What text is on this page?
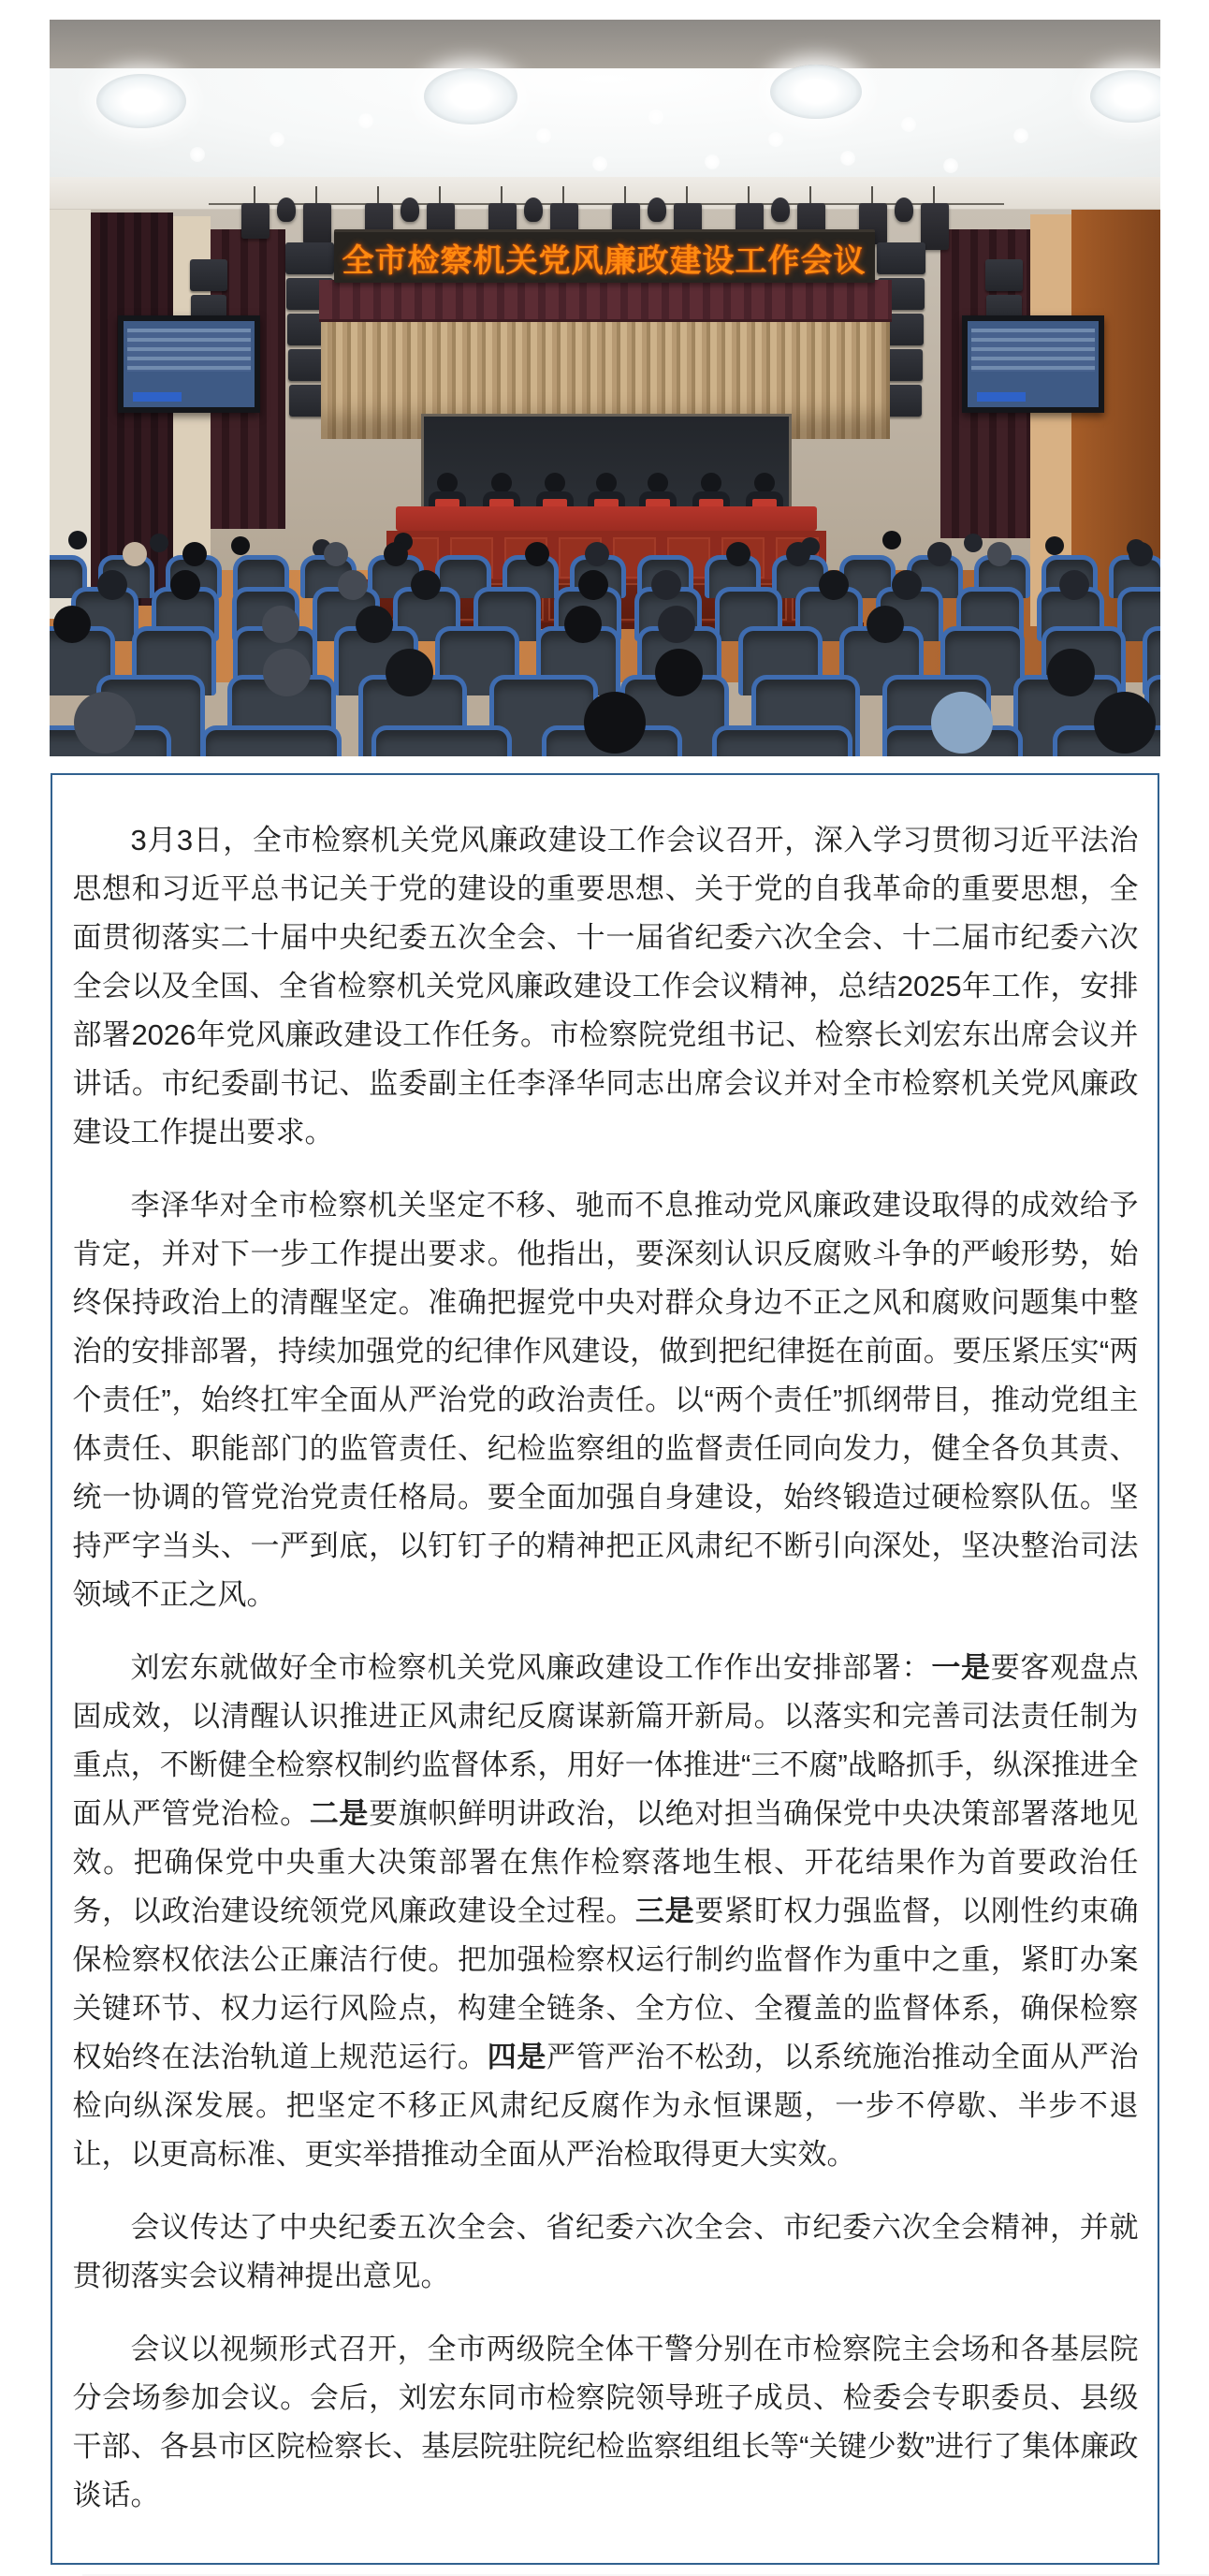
全市检察机关党风廉政建设工作会议

3月3日，全市检察机关党风廉政建设工作会议召开，深入学习贯彻习近平法治思想和习近平总书记关于党的建设的重要思想、关于党的自我革命的重要思想，全面贯彻落实二十届中央纪委五次全会、十一届省纪委六次全会、十二届市纪委六次全会以及全国、全省检察机关党风廉政建设工作会议精神，总结2025年工作，安排部署2026年党风廉政建设工作任务。市检察院党组书记、检察长刘宏东出席会议并讲话。市纪委副书记、监委副主任李泽华同志出席会议并对全市检察机关党风廉政建设工作提出要求。

李泽华对全市检察机关坚定不移、驰而不息推动党风廉政建设取得的成效给予肯定，并对下一步工作提出要求。他指出，要深刻认识反腐败斗争的严峻形势，始终保持政治上的清醒坚定。准确把握党中央对群众身边不正之风和腐败问题集中整治的安排部署，持续加强党的纪律作风建设，做到把纪律挺在前面。要压紧压实“两个责任”，始终扛牢全面从严治党的政治责任。以“两个责任”抓纲带目，推动党组主体责任、职能部门的监管责任、纪检监察组的监督责任同向发力，健全各负其责、统一协调的管党治党责任格局。要全面加强自身建设，始终锻造过硬检察队伍。坚持严字当头、一严到底，以钉钉子的精神把正风肃纪不断引向深处，坚决整治司法领域不正之风。

刘宏东就做好全市检察机关党风廉政建设工作作出安排部署：一是要客观盘点固成效，以清醒认识推进正风肃纪反腐谋新篇开新局。以落实和完善司法责任制为重点，不断健全检察权制约监督体系，用好一体推进“三不腐”战略抓手，纵深推进全面从严管党治检。二是要旗帜鲜明讲政治，以绝对担当确保党中央决策部署落地见效。把确保党中央重大决策部署在焦作检察落地生根、开花结果作为首要政治任务，以政治建设统领党风廉政建设全过程。三是要紧盯权力强监督，以刚性约束确保检察权依法公正廉洁行使。把加强检察权运行制约监督作为重中之重，紧盯办案关键环节、权力运行风险点，构建全链条、全方位、全覆盖的监督体系，确保检察权始终在法治轨道上规范运行。四是严管严治不松劲，以系统施治推动全面从严治检向纵深发展。把坚定不移正风肃纪反腐作为永恒课题，一步不停歇、半步不退让，以更高标准、更实举措推动全面从严治检取得更大实效。

会议传达了中央纪委五次全会、省纪委六次全会、市纪委六次全会精神，并就贯彻落实会议精神提出意见。

会议以视频形式召开，全市两级院全体干警分别在市检察院主会场和各基层院分会场参加会议。会后，刘宏东同市检察院领导班子成员、检委会专职委员、县级干部、各县市区院检察长、基层院驻院纪检监察组组长等“关键少数”进行了集体廉政谈话。
